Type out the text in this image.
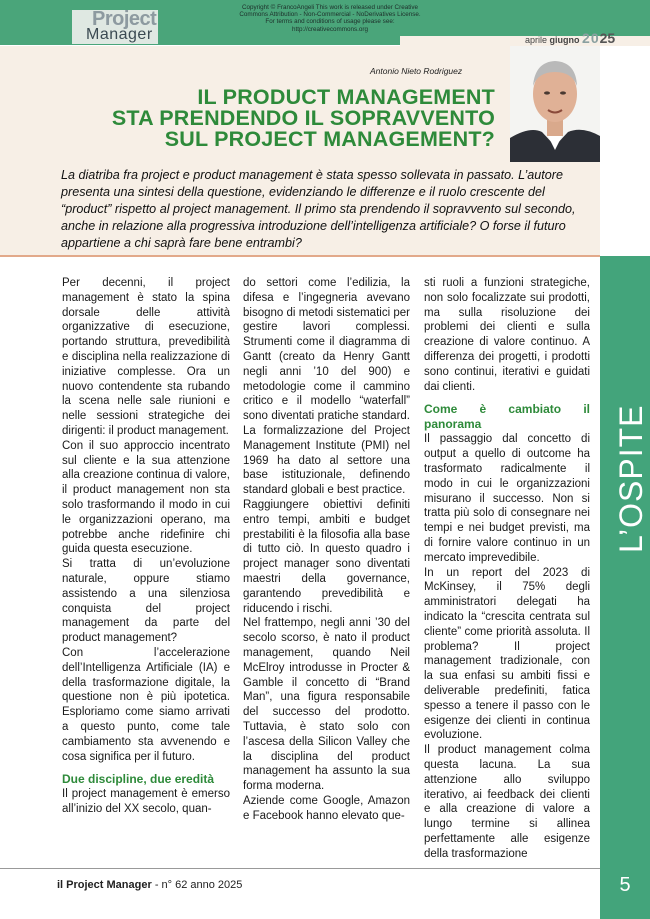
Project
Manager
Copyright © FrancoAngeli This work is released under Creative
Commons Attribution - Non-Commercial - NoDerivatives License.
For terms and conditions of usage please see:
http://creativecommons.org
aprile giugno 2025
Antonio Nieto Rodriguez
IL PRODUCT MANAGEMENT
STA PRENDENDO IL SOPRAVVENTO
SUL PROJECT MANAGEMENT?
La diatriba fra project e product management è stata spesso sollevata in passato. L’autore presenta una sintesi della questione, evidenziando le differenze e il ruolo crescente del “product” rispetto al project management. Il primo sta prendendo il sopravvento sul secondo, anche in relazione alla progressiva introduzione dell’intelligenza artificiale? O forse il futuro appartiene a chi saprà fare bene entrambi?
L’OSPITE

Per decenni, il project management è stato la spina dorsale delle attività organizzative di esecuzione, portando struttura, prevedibilità e disciplina nella realizzazione di iniziative complesse. Ora un nuovo contendente sta rubando la scena nelle sale riunioni e nelle sessioni strategiche dei dirigenti: il product management.

Con il suo approccio incentrato sul cliente e la sua attenzione alla creazione continua di valore, il product management non sta solo trasformando il modo in cui le organizzazioni operano, ma potrebbe anche ridefinire chi guida questa esecuzione.

Si tratta di un’evoluzione naturale, oppure stiamo assistendo a una silenziosa conquista del project management da parte del product management?

Con l’accelerazione dell’Intelligenza Artificiale (IA) e della trasformazione digitale, la questione non è più ipotetica. Esploriamo come siamo arrivati a questo punto, come tale cambiamento sta avvenendo e cosa significa per il futuro.

Due discipline, due eredità

Il project management è emerso all’inizio del XX secolo, quan-

do settori come l’edilizia, la difesa e l’ingegneria avevano bisogno di metodi sistematici per gestire lavori complessi. Strumenti come il diagramma di Gantt (creato da Henry Gantt negli anni ’10 del 900) e metodologie come il cammino critico e il modello “waterfall” sono diventati pratiche standard. La formalizzazione del Project Management Institute (PMI) nel 1969 ha dato al settore una base istituzionale, definendo standard globali e best practice.

Raggiungere obiettivi definiti entro tempi, ambiti e budget prestabiliti è la filosofia alla base di tutto ciò. In questo quadro i project manager sono diventati maestri della governance, garantendo prevedibilità e riducendo i rischi.

Nel frattempo, negli anni ’30 del secolo scorso, è nato il product management, quando Neil McElroy introdusse in Procter & Gamble il concetto di “Brand Man”, una figura responsabile del successo del prodotto. Tuttavia, è stato solo con l’ascesa della Silicon Valley che la disciplina del product management ha assunto la sua forma moderna.

Aziende come Google, Amazon e Facebook hanno elevato que-

sti ruoli a funzioni strategiche, non solo focalizzate sui prodotti, ma sulla risoluzione dei problemi dei clienti e sulla creazione di valore continuo. A differenza dei progetti, i prodotti sono continui, iterativi e guidati dai clienti.

Come è cambiato il panorama

Il passaggio dal concetto di output a quello di outcome ha trasformato radicalmente il modo in cui le organizzazioni misurano il successo. Non si tratta più solo di consegnare nei tempi e nei budget previsti, ma di fornire valore continuo in un mercato imprevedibile.

In un report del 2023 di McKinsey, il 75% degli amministratori delegati ha indicato la “crescita centrata sul cliente” come priorità assoluta. Il problema? Il project management tradizionale, con la sua enfasi su ambiti fissi e deliverable predefiniti, fatica spesso a tenere il passo con le esigenze dei clienti in continua evoluzione.

Il product management colma questa lacuna. La sua attenzione allo sviluppo iterativo, ai feedback dei clienti e alla creazione di valore a lungo termine si allinea perfettamente alle esigenze della trasformazione

il Project Manager - n° 62 anno 2025	5
